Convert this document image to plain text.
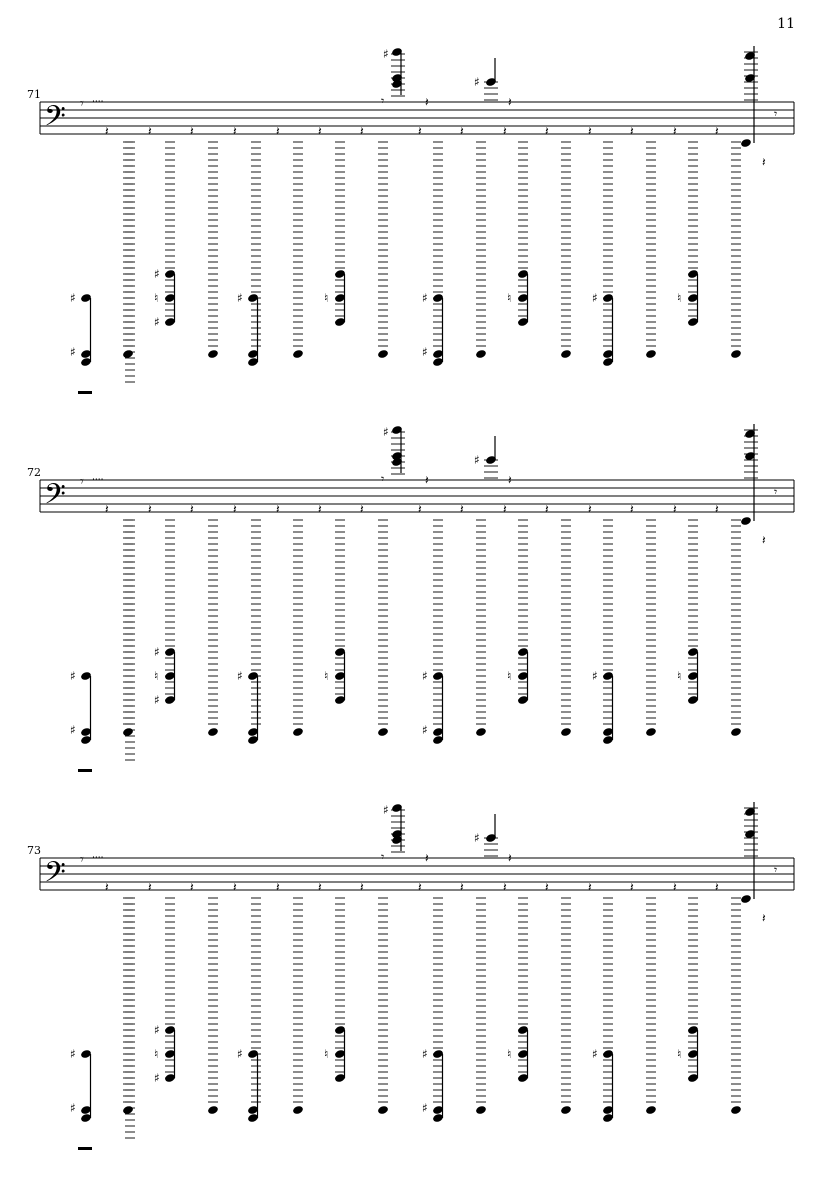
11
71
72
73
𝄢 𝄾 ····
𝄽	𝄽	𝄽	𝄽	𝄽	𝄽	𝄽	𝄽	𝄽	𝄽	𝄽	𝄽	𝄽	𝄽	𝄽
♯
♯
♯
♮
♯
♯	♮	♯
♯
♮	♯	♮
♯
𝄾	𝄽
♯
𝄽
𝄾
𝄽
𝄢 𝄾 ····
𝄽	𝄽	𝄽	𝄽	𝄽	𝄽	𝄽	𝄽	𝄽	𝄽	𝄽	𝄽	𝄽	𝄽	𝄽
♯
♯
♯
♮
♯
♯	♮	♯
♯
♮	♯	♮
♯
𝄾	𝄽
♯
𝄽
𝄾
𝄽
𝄢 𝄾 ····
𝄽	𝄽	𝄽	𝄽	𝄽	𝄽	𝄽	𝄽	𝄽	𝄽	𝄽	𝄽	𝄽	𝄽	𝄽
♯
♯
♯
♮
♯
♯	♮	♯
♯
♮	♯	♮
♯
𝄾	𝄽
♯
𝄽
𝄾
𝄽
